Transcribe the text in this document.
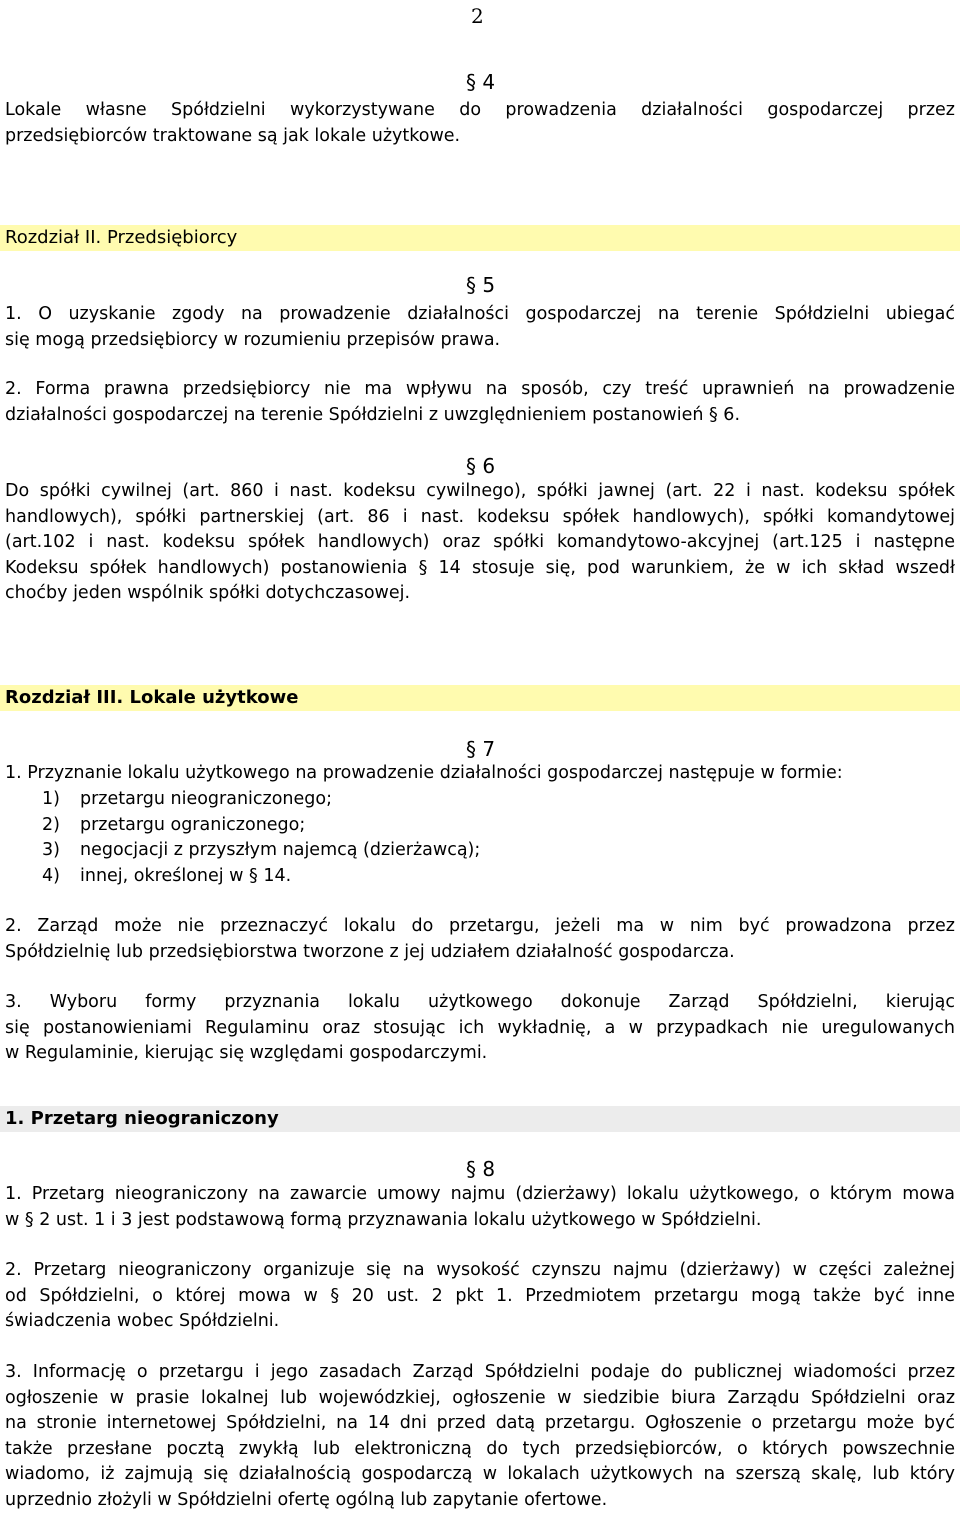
2
§ 4
Lokale własne Spółdzielni wykorzystywane do prowadzenia działalności gospodarczej przez
przedsiębiorców traktowane są jak lokale użytkowe.
Rozdział II. Przedsiębiorcy
§ 5
1. O uzyskanie zgody na prowadzenie działalności gospodarczej na terenie Spółdzielni ubiegać
się mogą przedsiębiorcy w rozumieniu przepisów prawa.
2. Forma prawna przedsiębiorcy nie ma wpływu na sposób, czy treść uprawnień na prowadzenie
działalności gospodarczej na terenie Spółdzielni z uwzględnieniem postanowień § 6.
§ 6
Do spółki cywilnej (art. 860 i nast. kodeksu cywilnego), spółki jawnej (art. 22 i nast. kodeksu spółek
handlowych), spółki partnerskiej (art. 86 i nast. kodeksu spółek handlowych), spółki komandytowej
(art.102 i nast. kodeksu spółek handlowych) oraz spółki komandytowo-akcyjnej (art.125 i następne
Kodeksu spółek handlowych) postanowienia § 14 stosuje się, pod warunkiem, że w ich skład wszedł
choćby jeden wspólnik spółki dotychczasowej.
Rozdział III. Lokale użytkowe
§ 7
1. Przyznanie lokalu użytkowego na prowadzenie działalności gospodarczej następuje w formie:
1) przetargu nieograniczonego;
2) przetargu ograniczonego;
3) negocjacji z przyszłym najemcą (dzierżawcą);
4) innej, określonej w § 14.
2. Zarząd może nie przeznaczyć lokalu do przetargu, jeżeli ma w nim być prowadzona przez
Spółdzielnię lub przedsiębiorstwa tworzone z jej udziałem działalność gospodarcza.
3. Wyboru formy przyznania lokalu użytkowego dokonuje Zarząd Spółdzielni, kierując
się postanowieniami Regulaminu oraz stosując ich wykładnię, a w przypadkach nie uregulowanych
w Regulaminie, kierując się względami gospodarczymi.
1. Przetarg nieograniczony
§ 8
1. Przetarg nieograniczony na zawarcie umowy najmu (dzierżawy) lokalu użytkowego, o którym mowa
w § 2 ust. 1 i 3 jest podstawową formą przyznawania lokalu użytkowego w Spółdzielni.
2. Przetarg nieograniczony organizuje się na wysokość czynszu najmu (dzierżawy) w części zależnej
od Spółdzielni, o której mowa w § 20 ust. 2 pkt 1. Przedmiotem przetargu mogą także być inne
świadczenia wobec Spółdzielni.
3. Informację o przetargu i jego zasadach Zarząd Spółdzielni podaje do publicznej wiadomości przez
ogłoszenie w prasie lokalnej lub wojewódzkiej, ogłoszenie w siedzibie biura Zarządu Spółdzielni oraz
na stronie internetowej Spółdzielni, na 14 dni przed datą przetargu. Ogłoszenie o przetargu może być
także przesłane pocztą zwykłą lub elektroniczną do tych przedsiębiorców, o których powszechnie
wiadomo, iż zajmują się działalnością gospodarczą w lokalach użytkowych na szerszą skalę, lub który
uprzednio złożyli w Spółdzielni ofertę ogólną lub zapytanie ofertowe.
